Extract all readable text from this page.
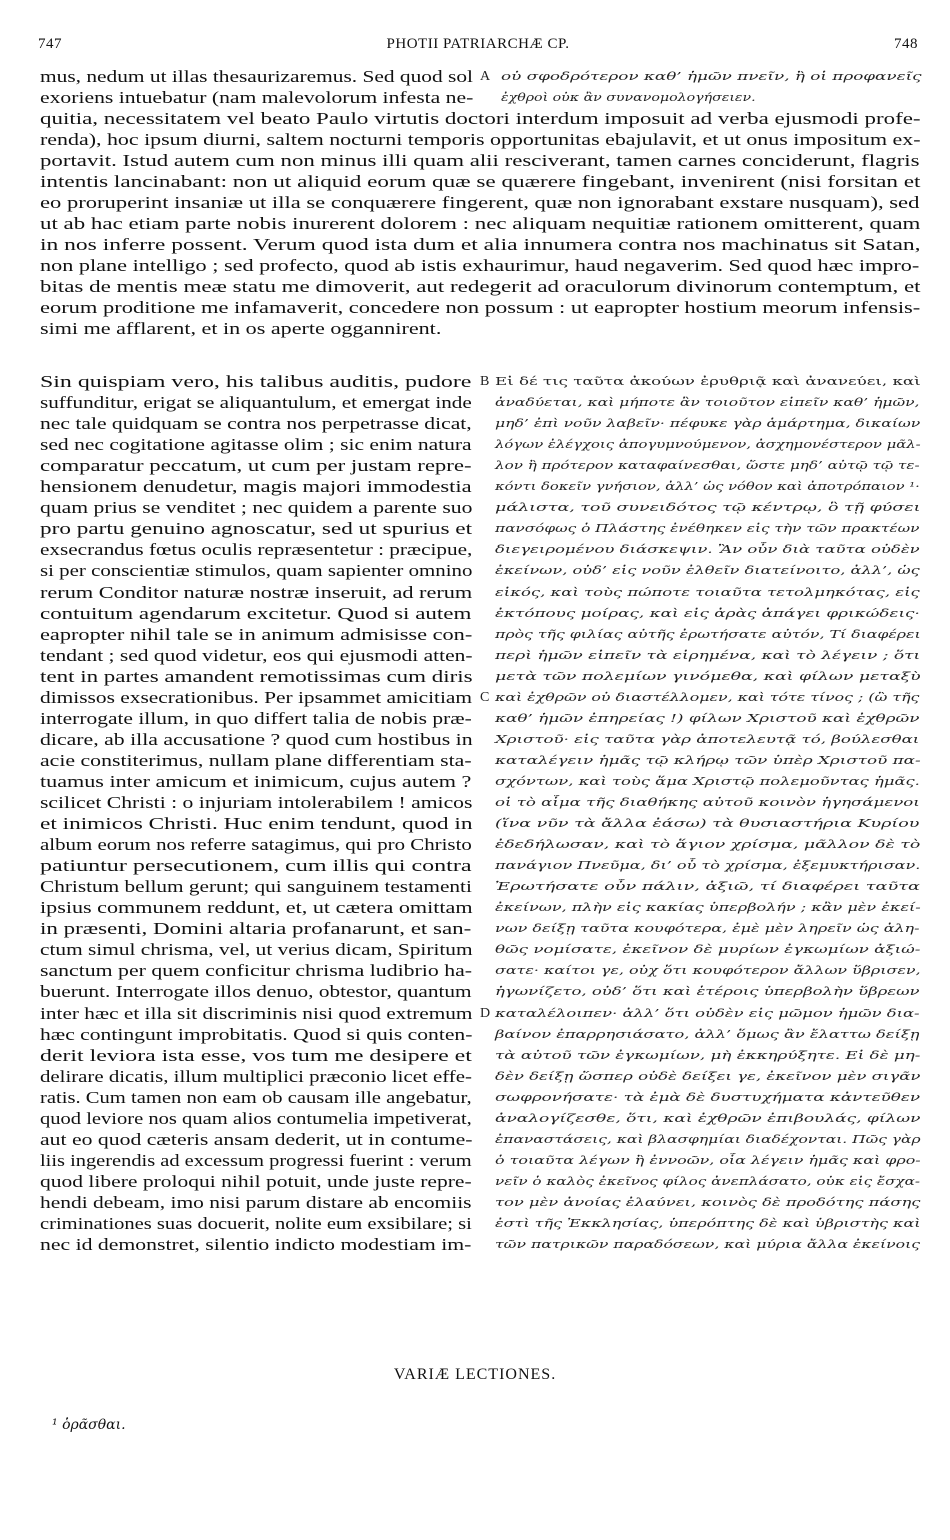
747	PHOTII PATRIARCHÆ CP.	748
mus, nedum ut illas thesaurizaremus. Sed quod sol
exoriens intuebatur (nam malevolorum infesta ne-
οὐ σφοδρότερον καθ’ ἡμῶν πνεῖν, ἢ οἱ προφανεῖς
ἐχθροὶ οὐκ ἂν συνανομολογήσειεν.
A
quitia, necessitatem vel beato Paulo virtutis doctori interdum imposuit ad verba ejusmodi profe-
renda), hoc ipsum diurni, saltem nocturni temporis opportunitas ebajulavit, et ut onus impositum ex-
portavit. Istud autem cum non minus illi quam alii resciverant, tamen carnes conciderunt, flagris
intentis lancinabant: non ut aliquid eorum quæ se quærere fingebant, invenirent (nisi forsitan et
eo proruperint insaniæ ut illa se conquærere fingerent, quæ non ignorabant exstare nusquam), sed
ut ab hac etiam parte nobis inurerent dolorem : nec aliquam nequitiæ rationem omitterent, quam
in nos inferre possent. Verum quod ista dum et alia innumera contra nos machinatus sit Satan,
non plane intelligo ; sed profecto, quod ab istis exhaurimur, haud negaverim. Sed quod hæc impro-
bitas de mentis meæ statu me dimoverit, aut redegerit ad oraculorum divinorum contemptum, et
eorum proditione me infamaverit, concedere non possum : ut eapropter hostium meorum infensis-
simi me afflarent, et in os aperte oggannirent.
Sin quispiam vero, his talibus auditis, pudore
suffunditur, erigat se aliquantulum, et emergat inde
nec tale quidquam se contra nos perpetrasse dicat,
sed nec cogitatione agitasse olim ; sic enim natura
comparatur peccatum, ut cum per justam repre-
hensionem denudetur, magis majori immodestia
quam prius se venditet ; nec quidem a parente suo
pro partu genuino agnoscatur, sed ut spurius et
exsecrandus fœtus oculis repræsentetur : præcipue,
si per conscientiæ stimulos, quam sapienter omnino
rerum Conditor naturæ nostræ inseruit, ad rerum
contuitum agendarum excitetur. Quod si autem
eapropter nihil tale se in animum admisisse con-
tendant ; sed quod videtur, eos qui ejusmodi atten-
tent in partes amandent remotissimas cum diris
dimissos exsecrationibus. Per ipsammet amicitiam
interrogate illum, in quo differt talia de nobis præ-
dicare, ab illa accusatione ? quod cum hostibus in
acie constiterimus, nullam plane differentiam sta-
tuamus inter amicum et inimicum, cujus autem ?
scilicet Christi : o injuriam intolerabilem ! amicos
et inimicos Christi. Huc enim tendunt, quod in
album eorum nos referre satagimus, qui pro Christo
patiuntur persecutionem, cum illis qui contra
Christum bellum gerunt; qui sanguinem testamenti
ipsius communem reddunt, et, ut cætera omittam
in præsenti, Domini altaria profanarunt, et san-
ctum simul chrisma, vel, ut verius dicam, Spiritum
sanctum per quem conficitur chrisma ludibrio ha-
buerunt. Interrogate illos denuo, obtestor, quantum
inter hæc et illa sit discriminis nisi quod extremum
hæc contingunt improbitatis. Quod si quis conten-
derit leviora ista esse, vos tum me desipere et
delirare dicatis, illum multiplici præconio licet effe-
ratis. Cum tamen non eam ob causam ille angebatur,
quod leviore nos quam alios contumelia impetiverat,
aut eo quod cæteris ansam dederit, ut in contume-
liis ingerendis ad excessum progressi fuerint : verum
quod libere proloqui nihil potuit, unde juste repre-
hendi debeam, imo nisi parum distare ab encomiis
criminationes suas docuerit, nolite eum exsibilare; si
nec id demonstret, silentio indicto modestiam im-
Εἰ δέ τις ταῦτα ἀκούων ἐρυθριᾷ καὶ ἀνανεύει, καὶ
ἀναδύεται, καὶ μήποτε ἂν τοιοῦτον εἰπεῖν καθ’ ἡμῶν,
μηδ’ ἐπὶ νοῦν λαβεῖν· πέφυκε γὰρ ἁμάρτημα, δικαίων
λόγων ἐλέγχοις ἀπογυμνούμενον, ἀσχημονέστερον μᾶλ-
λον ἢ πρότερον καταφαίνεσθαι, ὥστε μηδ’ αὐτῷ τῷ τε-
κόντι δοκεῖν γνήσιον, ἀλλ’ ὡς νόθον καὶ ἀποτρόπαιον ¹·
μάλιστα, τοῦ συνειδότος τῷ κέντρῳ, ὃ τῇ φύσει
πανσόφως ὁ Πλάστης ἐνέθηκεν εἰς τὴν τῶν πρακτέων
διεγειρομένου διάσκεψιν. Ἂν οὖν διὰ ταῦτα οὐδὲν
ἐκείνων, οὐδ’ εἰς νοῦν ἐλθεῖν διατείνοιτο, ἀλλ’, ὡς
εἰκός, καὶ τοὺς πώποτε τοιαῦτα τετολμηκότας, εἰς
ἐκτόπους μοίρας, καὶ εἰς ἀρὰς ἀπάγει φρικώδεις·
πρὸς τῆς φιλίας αὐτῆς ἐρωτήσατε αὐτόν, Τί διαφέρει
περὶ ἡμῶν εἰπεῖν τὰ εἰρημένα, καὶ τὸ λέγειν ; ὅτι
μετὰ τῶν πολεμίων γινόμεθα, καὶ φίλων μεταξὺ
καὶ ἐχθρῶν οὐ διαστέλλομεν, καὶ τότε τίνος ; (ὢ τῆς
καθ’ ἡμῶν ἐπηρείας !) φίλων Χριστοῦ καὶ ἐχθρῶν
Χριστοῦ· εἰς ταῦτα γὰρ ἀποτελευτᾷ τό, βούλεσθαι
καταλέγειν ἡμᾶς τῷ κλήρῳ τῶν ὑπὲρ Χριστοῦ πα-
σχόντων, καὶ τοὺς ἅμα Χριστῷ πολεμοῦντας ἡμᾶς.
οἱ τὸ αἷμα τῆς διαθήκης αὐτοῦ κοινὸν ἡγησάμενοι
(ἵνα νῦν τὰ ἄλλα ἐάσω) τὰ θυσιαστήρια Κυρίου
ἐδεδήλωσαν, καὶ τὸ ἅγιον χρίσμα, μᾶλλον δὲ τὸ
πανάγιον Πνεῦμα, δι’ οὗ τὸ χρίσμα, ἐξεμυκτήρισαν.
Ἐρωτήσατε οὖν πάλιν, ἀξιῶ, τί διαφέρει ταῦτα
ἐκείνων, πλὴν εἰς κακίας ὑπερβολήν ; κἂν μὲν ἐκεί-
νων δείξῃ ταῦτα κουφότερα, ἐμὲ μὲν ληρεῖν ὡς ἀλη-
θῶς νομίσατε, ἐκεῖνον δὲ μυρίων ἐγκωμίων ἀξιώ-
σατε· καίτοι γε, οὐχ ὅτι κουφότερον ἄλλων ὕβρισεν,
ἠγωνίζετο, οὐδ’ ὅτι καὶ ἑτέροις ὑπερβολὴν ὕβρεων
καταλέλοιπεν· ἀλλ’ ὅτι οὐδὲν εἰς μῶμον ἡμῶν δια-
βαίνον ἐπαρρησιάσατο, ἀλλ’ ὅμως ἂν ἔλαττω δείξῃ
τὰ αὐτοῦ τῶν ἐγκωμίων, μὴ ἐκκηρύξητε. Εἰ δὲ μη-
δὲν δείξῃ ὥσπερ οὐδὲ δείξει γε, ἐκεῖνον μὲν σιγᾶν
σωφρονήσατε· τὰ ἐμὰ δὲ δυστυχήματα κἀντεῦθεν
ἀναλογίζεσθε, ὅτι, καὶ ἐχθρῶν ἐπιβουλάς, φίλων
ἐπαναστάσεις, καὶ βλασφημίαι διαδέχονται. Πῶς γὰρ
ὁ τοιαῦτα λέγων ἢ ἐννοῶν, οἷα λέγειν ἡμᾶς καὶ φρο-
νεῖν ὁ καλὸς ἐκεῖνος φίλος ἀνεπλάσατο, οὐκ εἰς ἔσχα-
τον μὲν ἀνοίας ἐλαύνει, κοινὸς δὲ προδότης πάσης
ἐστὶ τῆς Ἐκκλησίας, ὑπερόπτης δὲ καὶ ὑβριστὴς καὶ
τῶν πατρικῶν παραδόσεων, καὶ μύρια ἄλλα ἐκείνοις
B
C
D
VARIÆ LECTIONES.
¹ ὁρᾶσθαι.
